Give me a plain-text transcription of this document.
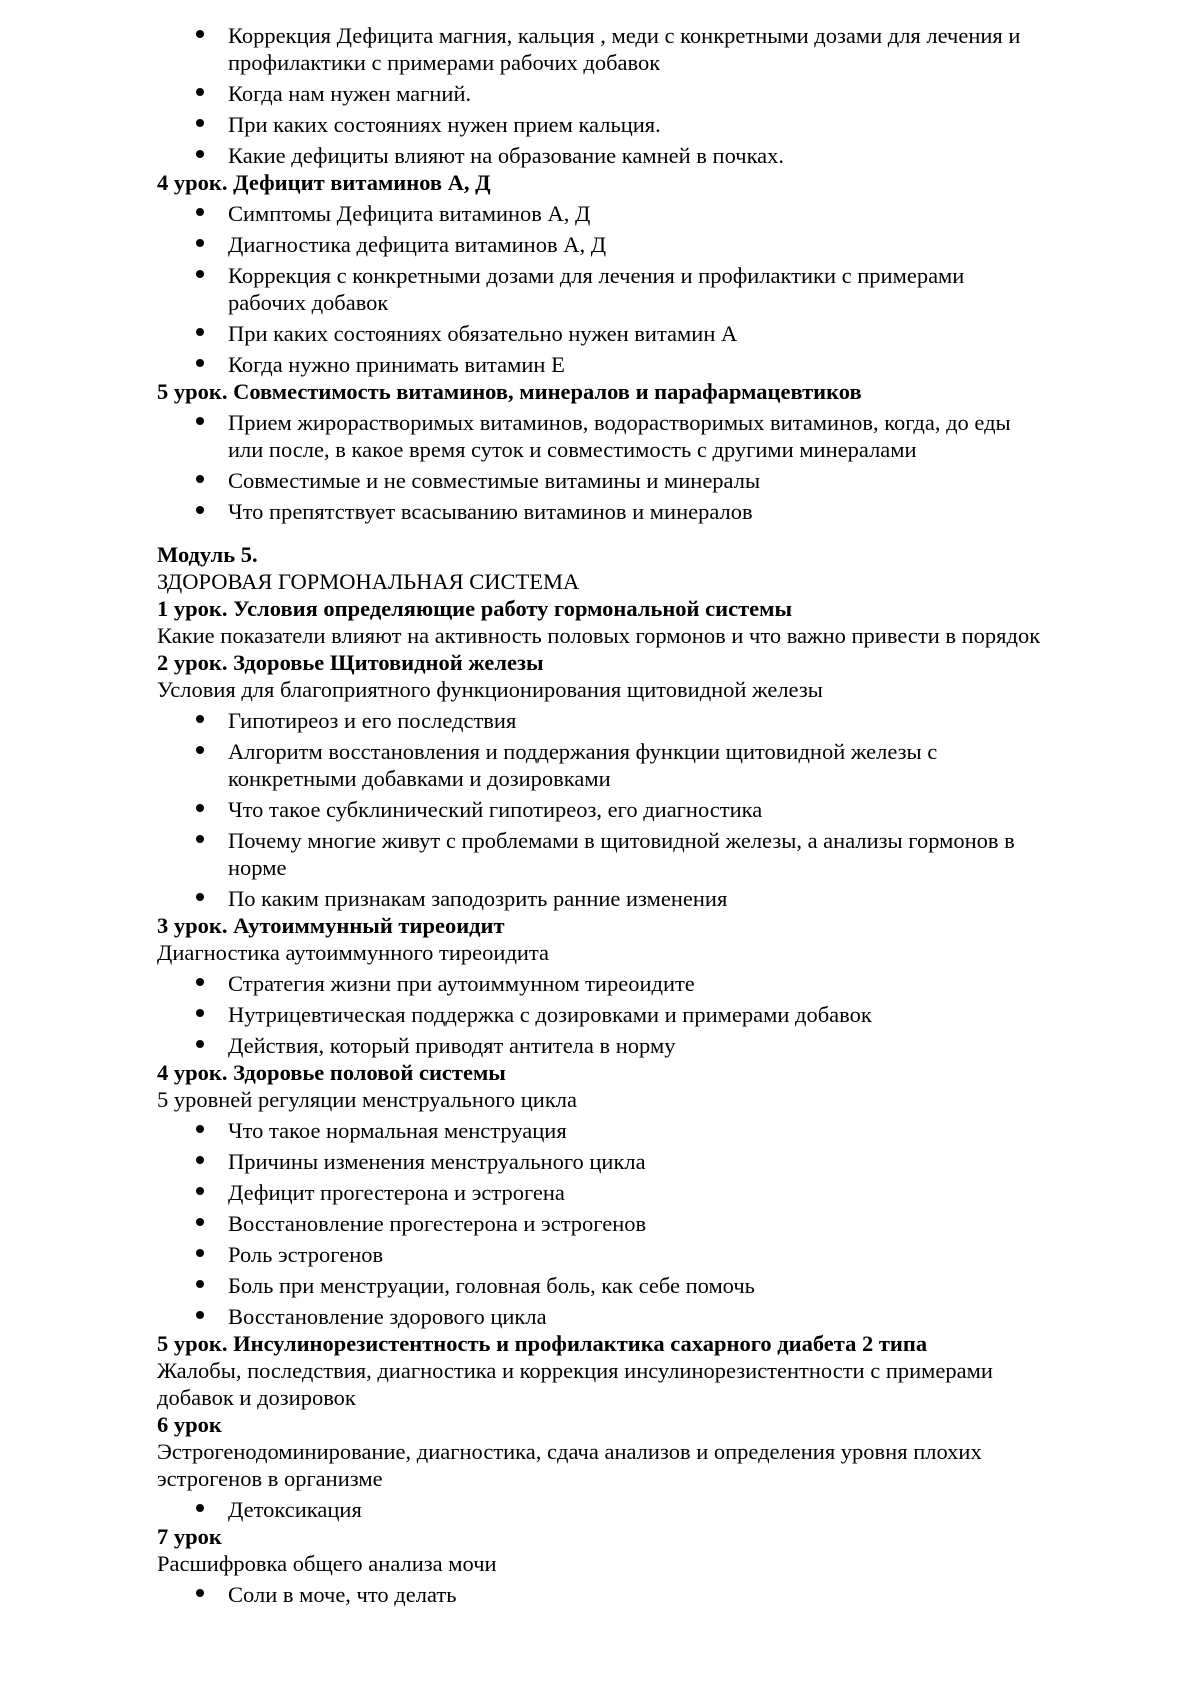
Коррекция Дефицита магния, кальция , меди с конкретными дозами для лечения и профилактики с примерами рабочих добавок
Когда нам нужен магний.
При каких состояниях нужен прием кальция.
Какие дефициты влияют на образование камней в почках.

4 урок. Дефицит витаминов А, Д

Симптомы Дефицита витаминов А, Д
Диагностика дефицита витаминов А, Д
Коррекция с конкретными дозами для лечения и профилактики с примерами рабочих добавок
При каких состояниях обязательно нужен витамин А
Когда нужно принимать витамин Е

5 урок. Совместимость витаминов, минералов и парафармацевтиков

Прием жирорастворимых витаминов, водорастворимых витаминов, когда, до еды или после, в какое время суток и совместимость с другими минералами
Совместимые и не совместимые витамины и минералы
Что препятствует всасыванию витаминов и минералов

Модуль 5.

ЗДОРОВАЯ ГОРМОНАЛЬНАЯ СИСТЕМА

1 урок. Условия определяющие работу гормональной системы

Какие показатели влияют на активность половых гормонов и что важно привести в порядок

2 урок. Здоровье Щитовидной железы

Условия для благоприятного функционирования щитовидной железы

Гипотиреоз и его последствия
Алгоритм восстановления и поддержания функции щитовидной железы с конкретными добавками и дозировками
Что такое субклинический гипотиреоз, его диагностика
Почему многие живут с проблемами в щитовидной железы, а анализы гормонов в норме
По каким признакам заподозрить ранние изменения

3 урок. Аутоиммунный тиреоидит

Диагностика аутоиммунного тиреоидита

Стратегия жизни при аутоиммунном тиреоидите
Нутрицевтическая поддержка с дозировками и примерами добавок
Действия, который приводят антитела в норму

4 урок. Здоровье половой системы

5 уровней регуляции менструального цикла

Что такое нормальная менструация
Причины изменения менструального цикла
Дефицит прогестерона и эстрогена
Восстановление прогестерона и эстрогенов
Роль эстрогенов
Боль при менструации, головная боль, как себе помочь
Восстановление здорового цикла

5 урок. Инсулинорезистентность и профилактика сахарного диабета 2 типа

Жалобы, последствия, диагностика и коррекция инсулинорезистентности с примерами добавок и дозировок

6 урок

Эстрогенодоминирование, диагностика, сдача анализов и определения уровня плохих эстрогенов в организме

Детоксикация

7 урок

Расшифровка общего анализа мочи

Соли в моче, что делать
